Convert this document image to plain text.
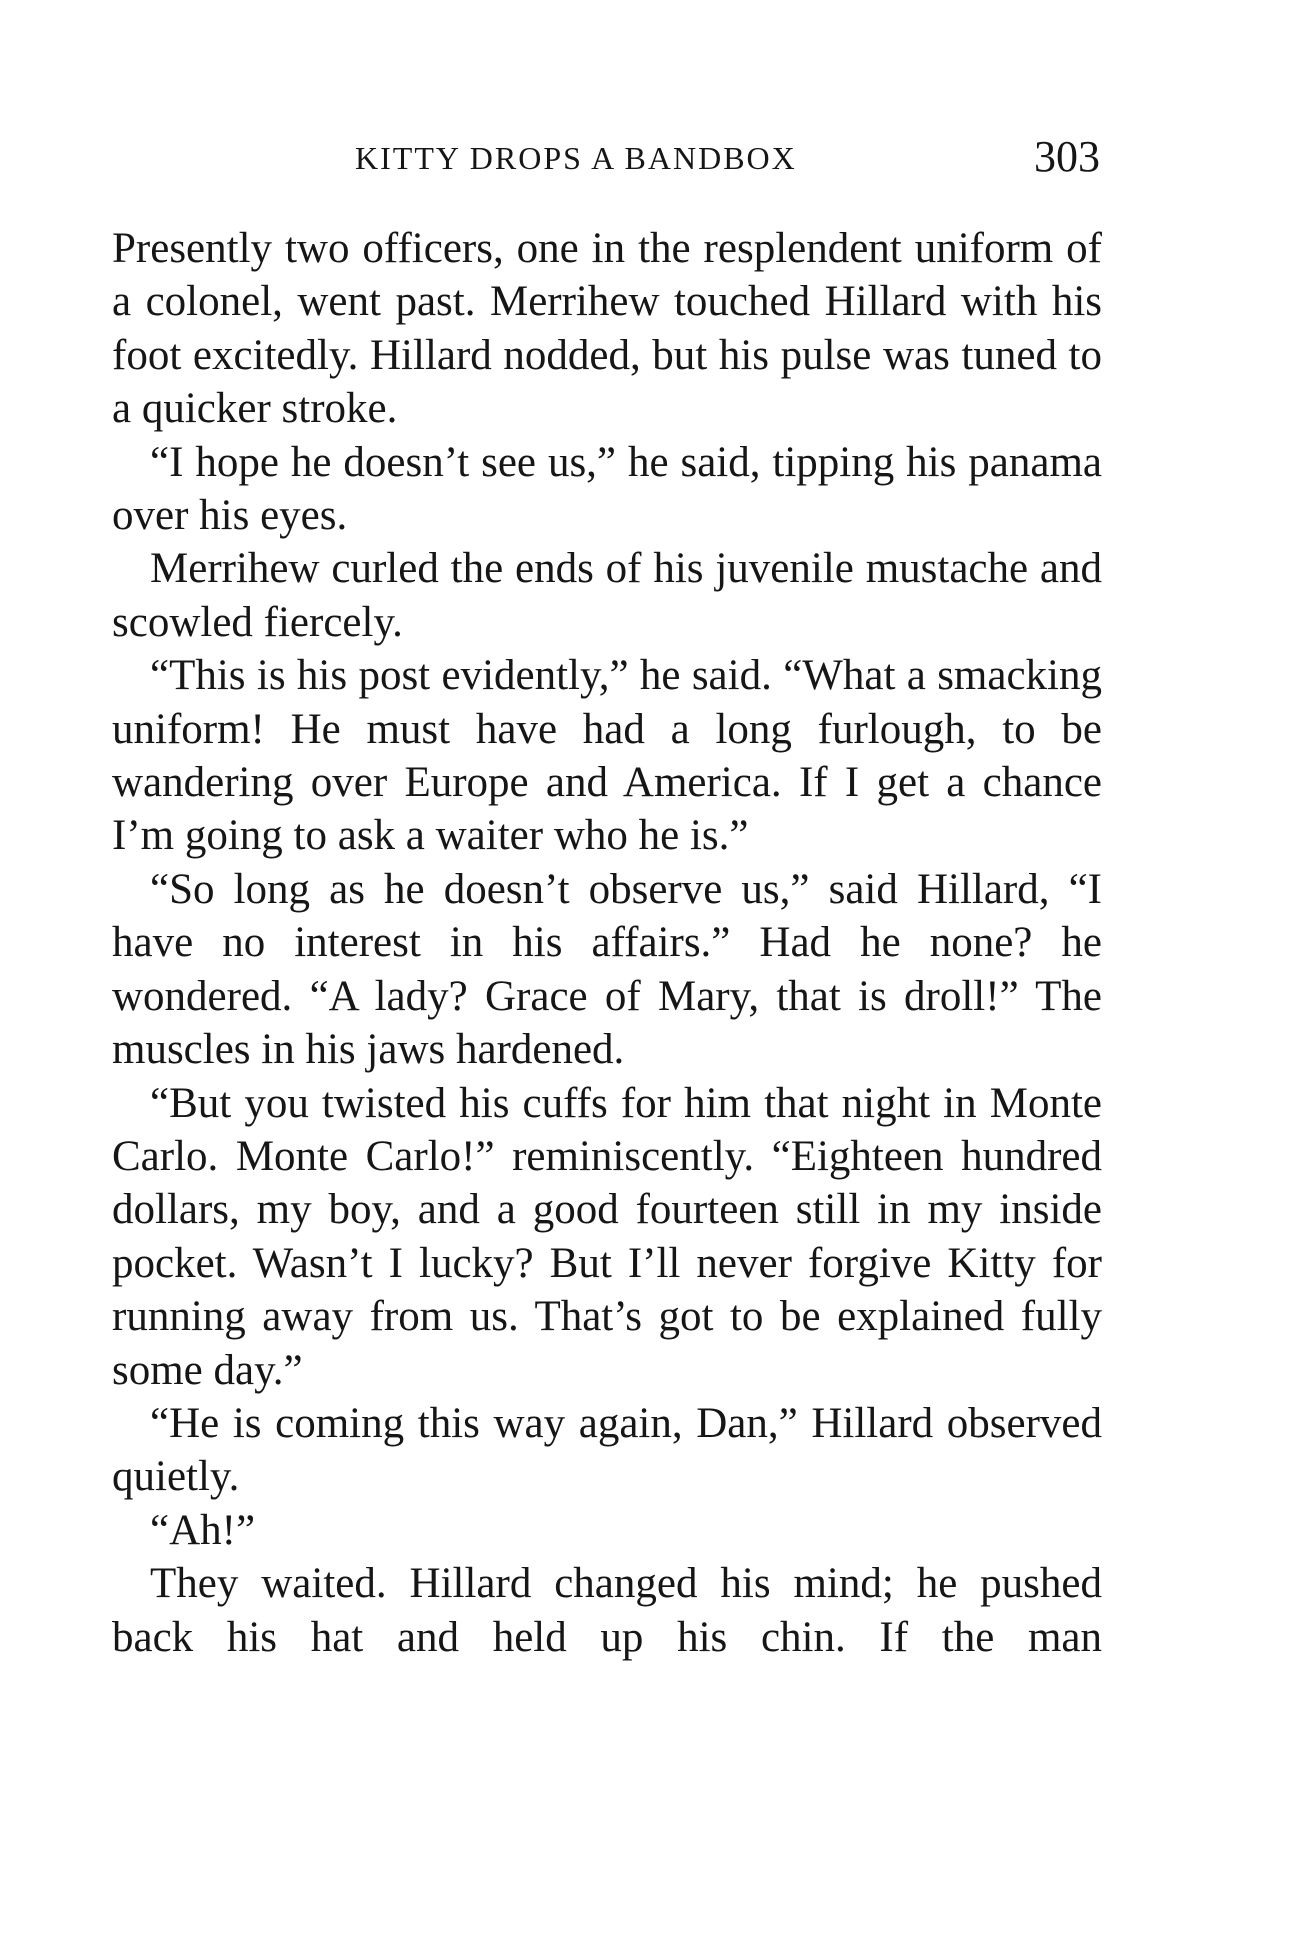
KITTY DROPS A BANDBOX	303

Presently two officers, one in the resplendent uniform of a colonel, went past. Merrihew touched Hillard with his foot excitedly. Hillard nodded, but his pulse was tuned to a quicker stroke.

“I hope he doesn’t see us,” he said, tipping his panama over his eyes.

Merrihew curled the ends of his juvenile mustache and scowled fiercely.

“This is his post evidently,” he said. “What a smacking uniform! He must have had a long furlough, to be wandering over Europe and America. If I get a chance I’m going to ask a waiter who he is.”

“So long as he doesn’t observe us,” said Hillard, “I have no interest in his affairs.” Had he none? he wondered. “A lady? Grace of Mary, that is droll!” The muscles in his jaws hardened.

“But you twisted his cuffs for him that night in Monte Carlo. Monte Carlo!” reminiscently. “Eighteen hundred dollars, my boy, and a good fourteen still in my inside pocket. Wasn’t I lucky? But I’ll never forgive Kitty for running away from us. That’s got to be explained fully some day.”

“He is coming this way again, Dan,” Hillard observed quietly.

“Ah!”

They waited. Hillard changed his mind; he pushed back his hat and held up his chin. If the man
